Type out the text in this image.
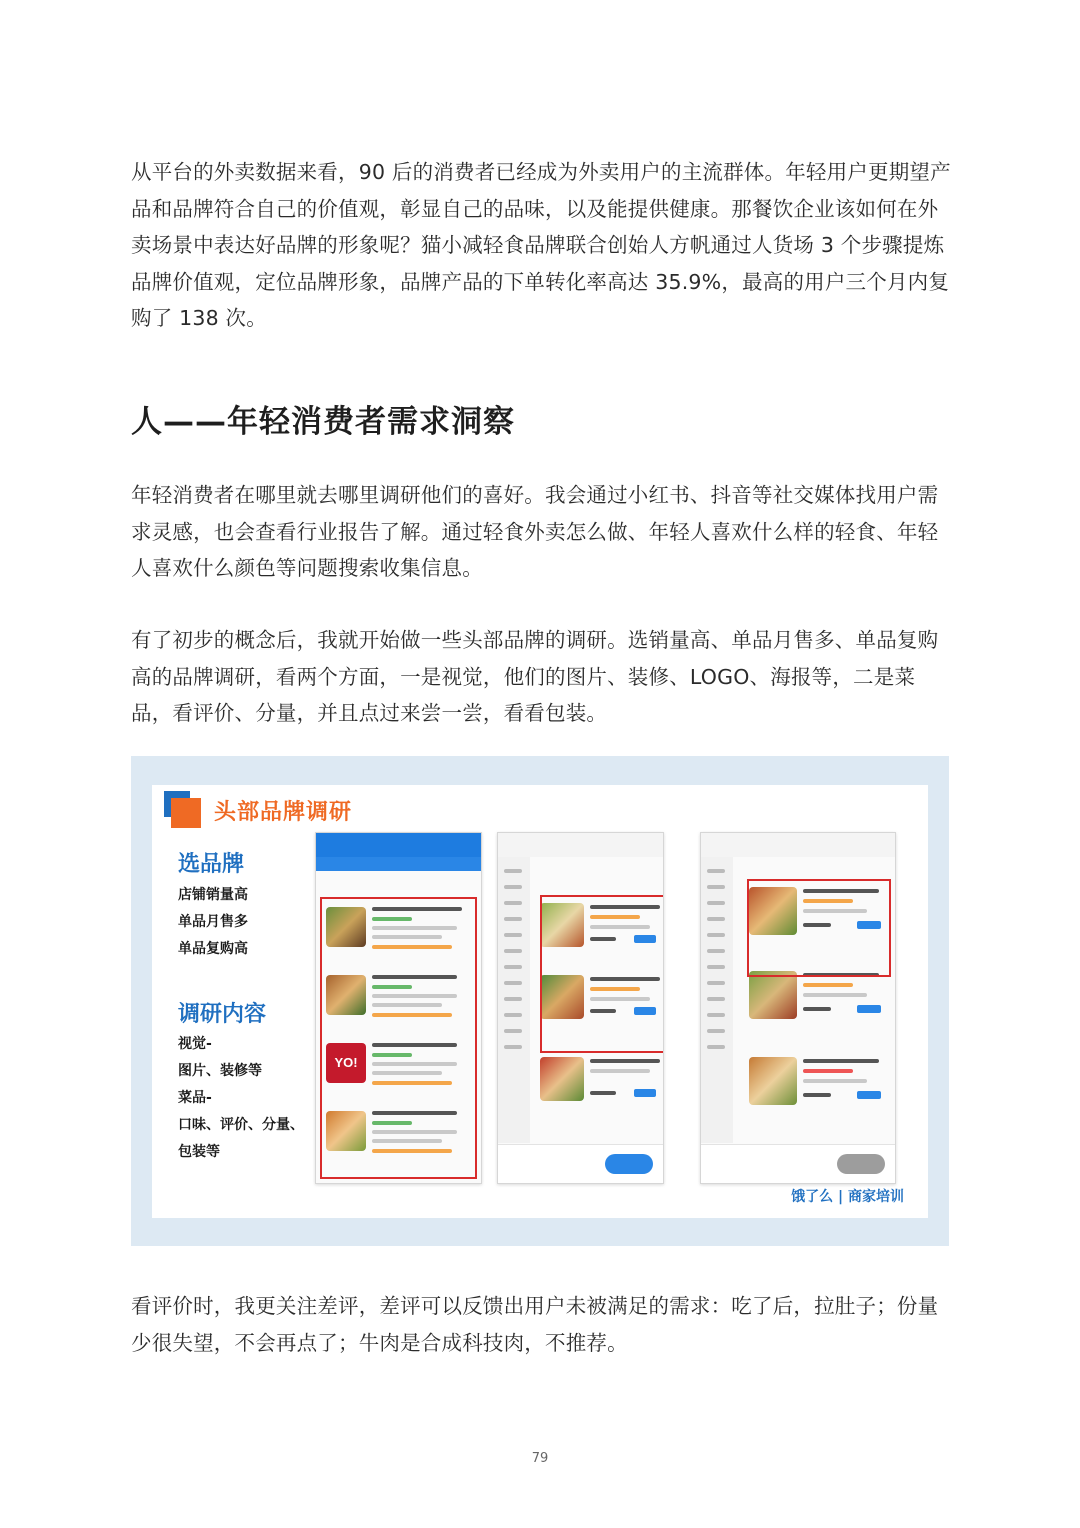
从平台的外卖数据来看，90 后的消费者已经成为外卖用户的主流群体。年轻用户更期望产品和品牌符合自己的价值观，彰显自己的品味，以及能提供健康。那餐饮企业该如何在外卖场景中表达好品牌的形象呢？猫小减轻食品牌联合创始人方帆通过人货场 3 个步骤提炼品牌价值观，定位品牌形象，品牌产品的下单转化率高达 35.9%，最高的用户三个月内复购了 138 次。

人——年轻消费者需求洞察

年轻消费者在哪里就去哪里调研他们的喜好。我会通过小红书、抖音等社交媒体找用户需求灵感，也会查看行业报告了解。通过轻食外卖怎么做、年轻人喜欢什么样的轻食、年轻人喜欢什么颜色等问题搜索收集信息。

有了初步的概念后，我就开始做一些头部品牌的调研。选销量高、单品月售多、单品复购高的品牌调研，看两个方面，一是视觉，他们的图片、装修、LOGO、海报等，二是菜品，看评价、分量，并且点过来尝一尝，看看包装。

头部品牌调研
选品牌
店铺销量高
单品月售多
单品复购高
调研内容
视觉-
图片、装修等
菜品-
口味、评价、分量、
包装等
YO!
饿了么 | 商家培训

看评价时，我更关注差评，差评可以反馈出用户未被满足的需求：吃了后，拉肚子；份量少很失望，不会再点了；牛肉是合成科技肉，不推荐。

79
